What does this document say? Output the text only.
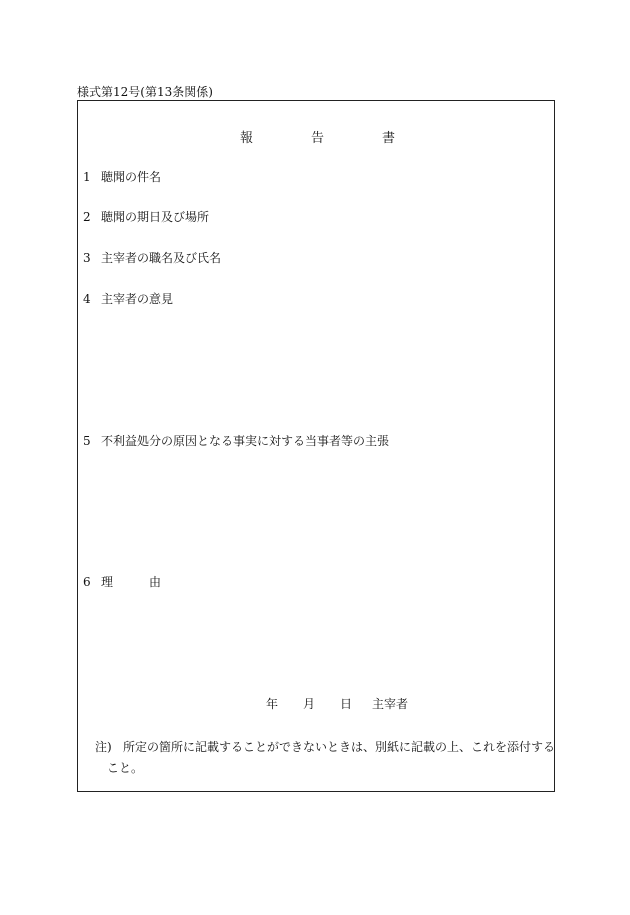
様式第12号(第13条関係)
報	告	書
1 聴聞の件名
2 聴聞の期日及び場所
3 主宰者の職名及び氏名
4 主宰者の意見
5 不利益処分の原因となる事実に対する当事者等の主張
6 理	由
年 月 日 主宰者
注) 所定の箇所に記載することができないときは、別紙に記載の上、これを添付する
こと。
